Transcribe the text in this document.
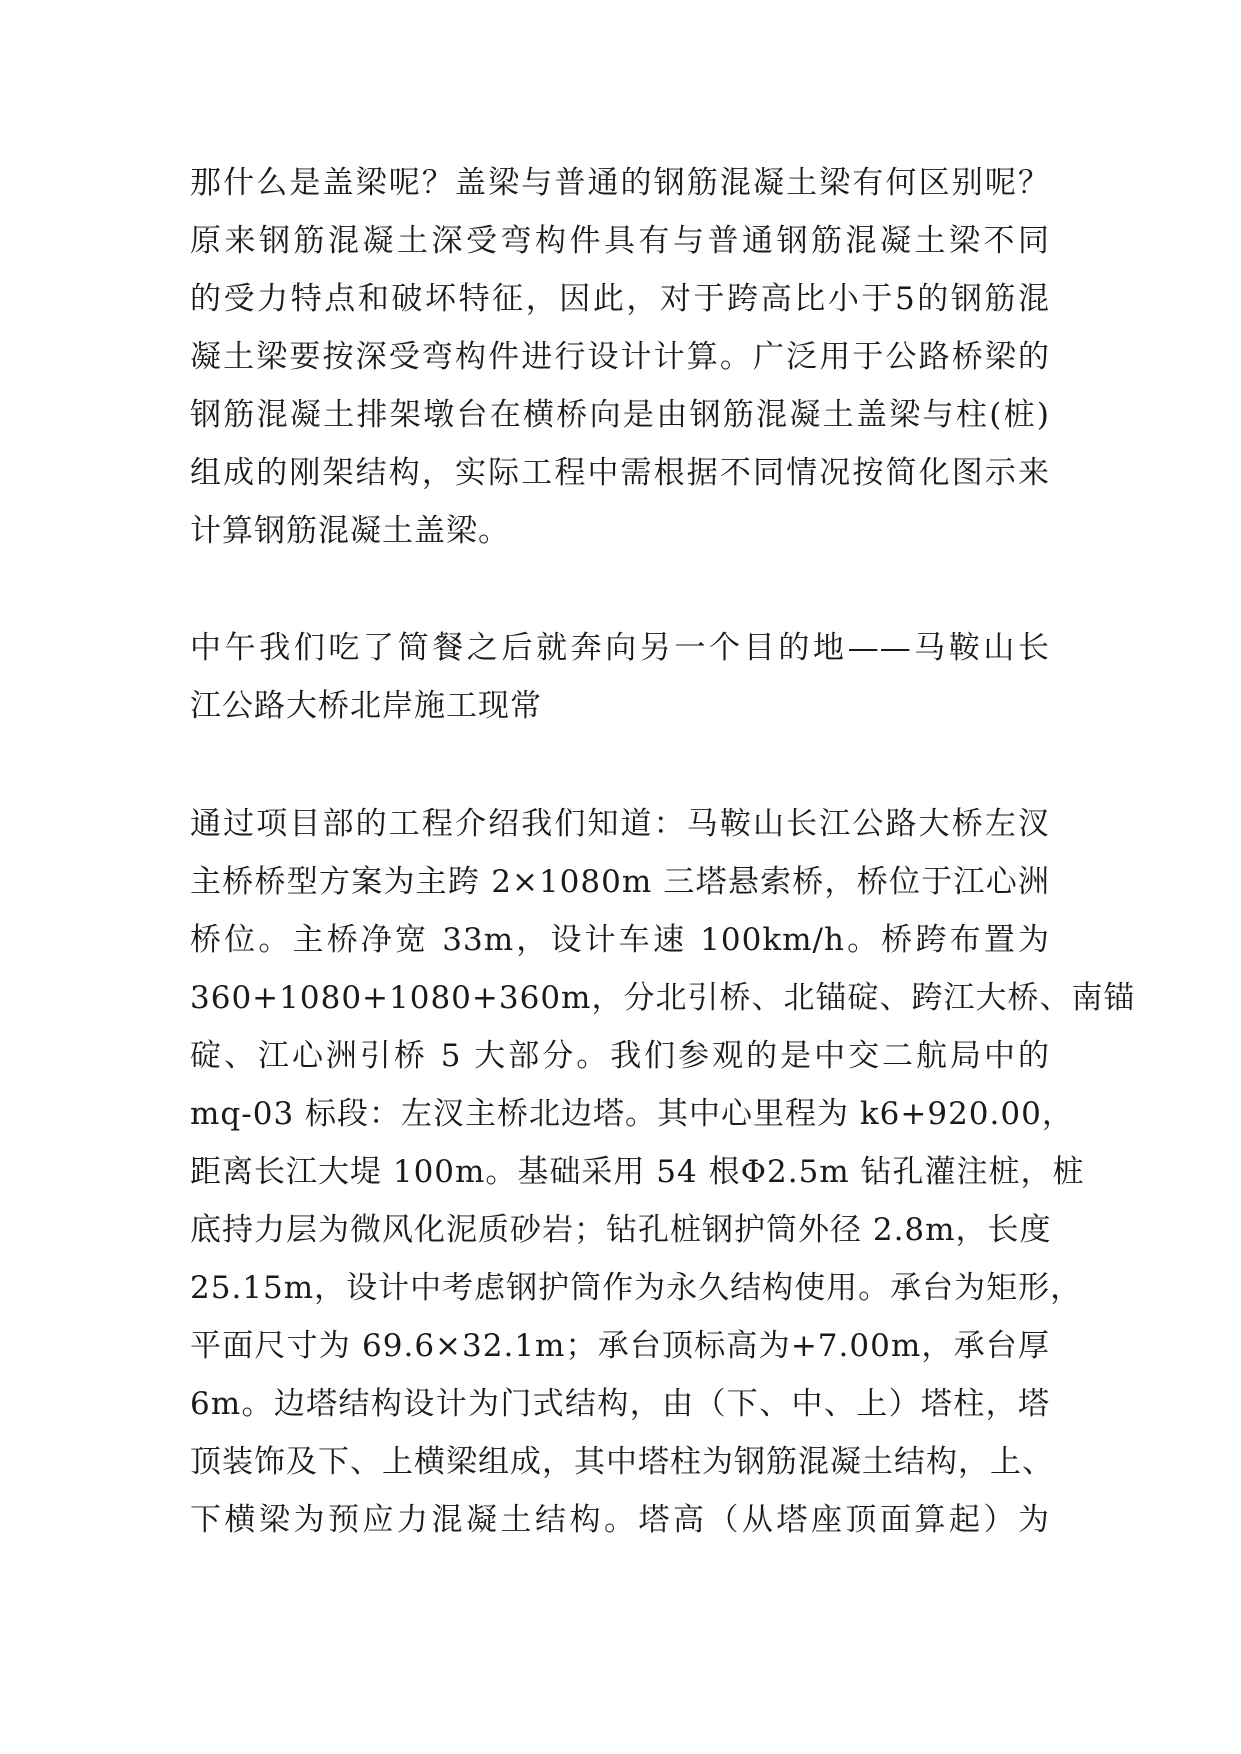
那什么是盖梁呢？盖梁与普通的钢筋混凝土梁有何区别呢？
原来钢筋混凝土深受弯构件具有与普通钢筋混凝土梁不同
的受力特点和破坏特征，因此，对于跨高比小于5的钢筋混
凝土梁要按深受弯构件进行设计计算。广泛用于公路桥梁的
钢筋混凝土排架墩台在横桥向是由钢筋混凝土盖梁与柱(桩)
组成的刚架结构，实际工程中需根据不同情况按简化图示来
计算钢筋混凝土盖梁。
中午我们吃了简餐之后就奔向另一个目的地——马鞍山长
江公路大桥北岸施工现常
通过项目部的工程介绍我们知道：马鞍山长江公路大桥左汊
主桥桥型方案为主跨 2×1080m 三塔悬索桥，桥位于江心洲
桥位。主桥净宽 33m，设计车速 100km/h。桥跨布置为
360+1080+1080+360m，分北引桥、北锚碇、跨江大桥、南锚
碇、江心洲引桥 5 大部分。我们参观的是中交二航局中的
mq-03 标段：左汊主桥北边塔。其中心里程为 k6+920.00，
距离长江大堤 100m。基础采用 54 根Φ2.5m 钻孔灌注桩，桩
底持力层为微风化泥质砂岩；钻孔桩钢护筒外径 2.8m，长度
25.15m，设计中考虑钢护筒作为永久结构使用。承台为矩形，
平面尺寸为 69.6×32.1m；承台顶标高为+7.00m，承台厚
6m。边塔结构设计为门式结构，由（下、中、上）塔柱，塔
顶装饰及下、上横梁组成，其中塔柱为钢筋混凝土结构，上、
下横梁为预应力混凝土结构。塔高（从塔座顶面算起）为
